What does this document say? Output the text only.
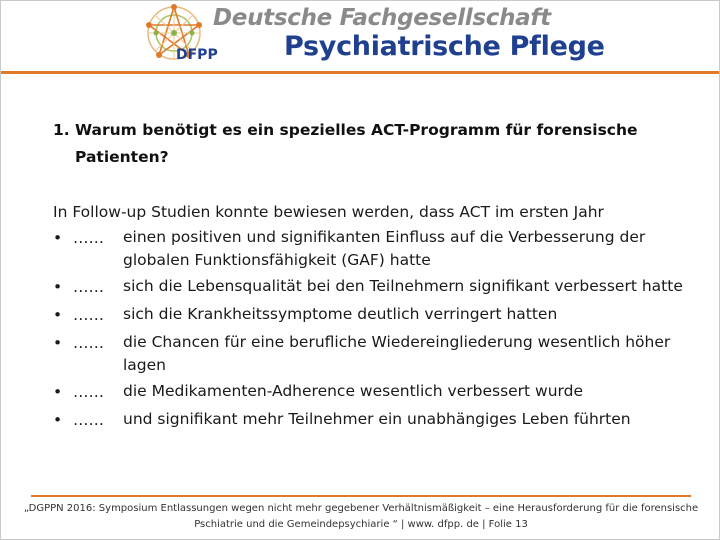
DFPP
Deutsche Fachgesellschaft
Psychiatrische Pflege
1. Warum benötigt es ein spezielles ACT-Programm für forensische Patienten?
In Follow-up Studien konnte bewiesen werden, dass ACT im ersten Jahr
• ……	einen positiven und signifikanten Einfluss auf die Verbesserung der globalen Funktionsfähigkeit (GAF) hatte
• ……	sich die Lebensqualität bei den Teilnehmern signifikant verbessert hatte
• ……	sich die Krankheitssymptome deutlich verringert hatten
• ……	die Chancen für eine berufliche Wiedereingliederung wesentlich höher lagen
• ……	die Medikamenten-Adherence wesentlich verbessert wurde
• ……	und signifikant mehr Teilnehmer ein unabhängiges Leben führten
„DGPPN 2016: Symposium Entlassungen wegen nicht mehr gegebener Verhältnismäßigkeit – eine Herausforderung für die forensische
Pschiatrie und die Gemeindepsychiarie “ | www. dfpp. de | Folie 13
